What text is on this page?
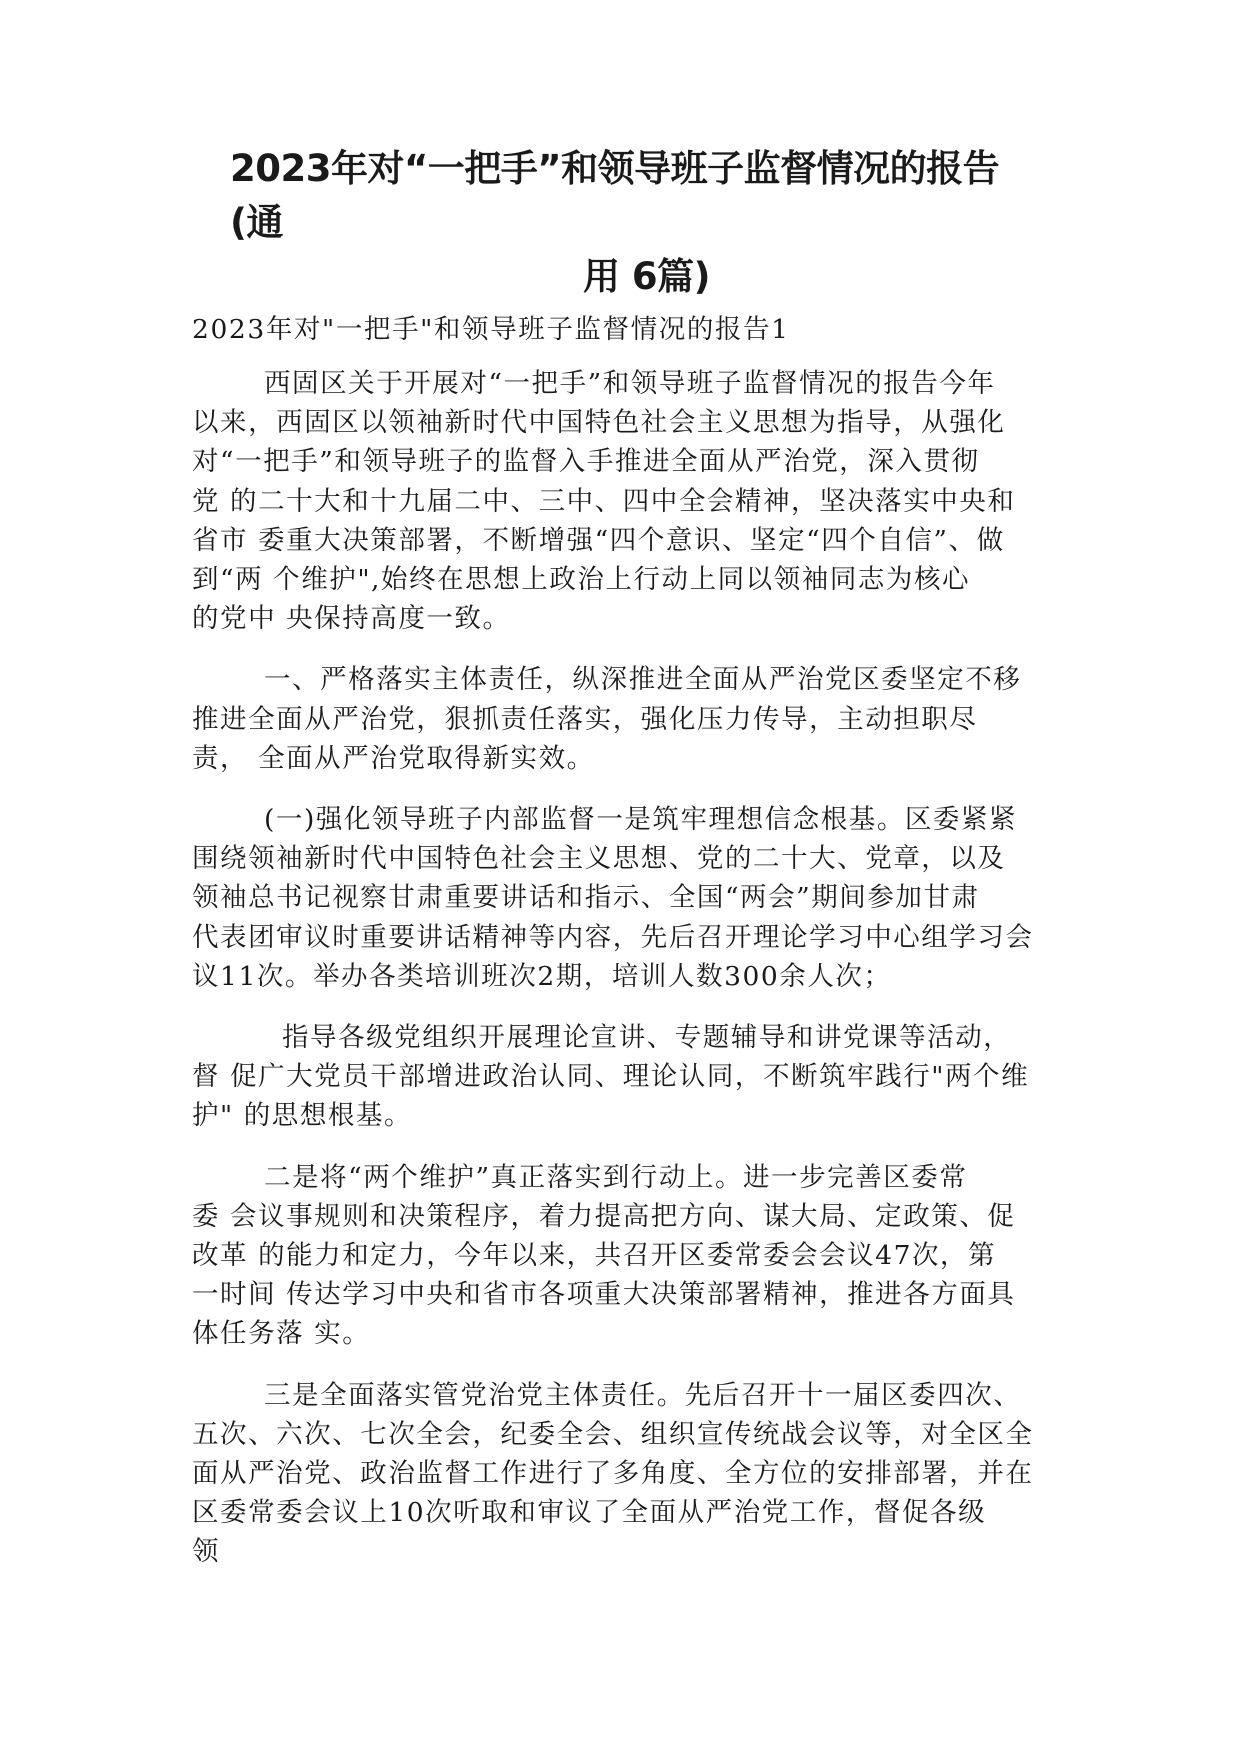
2023年对“一把手”和领导班子监督情况的报告(通
用 6篇)

2023年对"一把手"和领导班子监督情况的报告1

西固区关于开展对“一把手”和领导班子监督情况的报告今年
以来，西固区以领袖新时代中国特色社会主义思想为指导，从强化
对“一把手”和领导班子的监督入手推进全面从严治党，深入贯彻
党 的二十大和十九届二中、三中、四中全会精神，坚决落实中央和
省市 委重大决策部署，不断增强“四个意识、坚定“四个自信”、做
到“两 个维护",始终在思想上政治上行动上同以领袖同志为核心
的党中 央保持高度一致。

一、严格落实主体责任，纵深推进全面从严治党区委坚定不移
推进全面从严治党，狠抓责任落实，强化压力传导，主动担职尽
责， 全面从严治党取得新实效。

(一)强化领导班子内部监督一是筑牢理想信念根基。区委紧紧
围绕领袖新时代中国特色社会主义思想、党的二十大、党章，以及
领袖总书记视察甘肃重要讲话和指示、全国“两会”期间参加甘肃
代表团审议时重要讲话精神等内容，先后召开理论学习中心组学习会
议11次。举办各类培训班次2期，培训人数300余人次；

指导各级党组织开展理论宣讲、专题辅导和讲党课等活动，
督 促广大党员干部增进政治认同、理论认同，不断筑牢践行"两个维
护" 的思想根基。

二是将“两个维护”真正落实到行动上。进一步完善区委常
委 会议事规则和决策程序，着力提高把方向、谋大局、定政策、促
改革 的能力和定力，今年以来，共召开区委常委会会议47次，第
一时间 传达学习中央和省市各项重大决策部署精神，推进各方面具
体任务落 实。

三是全面落实管党治党主体责任。先后召开十一届区委四次、
五次、六次、七次全会，纪委全会、组织宣传统战会议等，对全区全
面从严治党、政治监督工作进行了多角度、全方位的安排部署，并在
区委常委会议上10次听取和审议了全面从严治党工作，督促各级
领
